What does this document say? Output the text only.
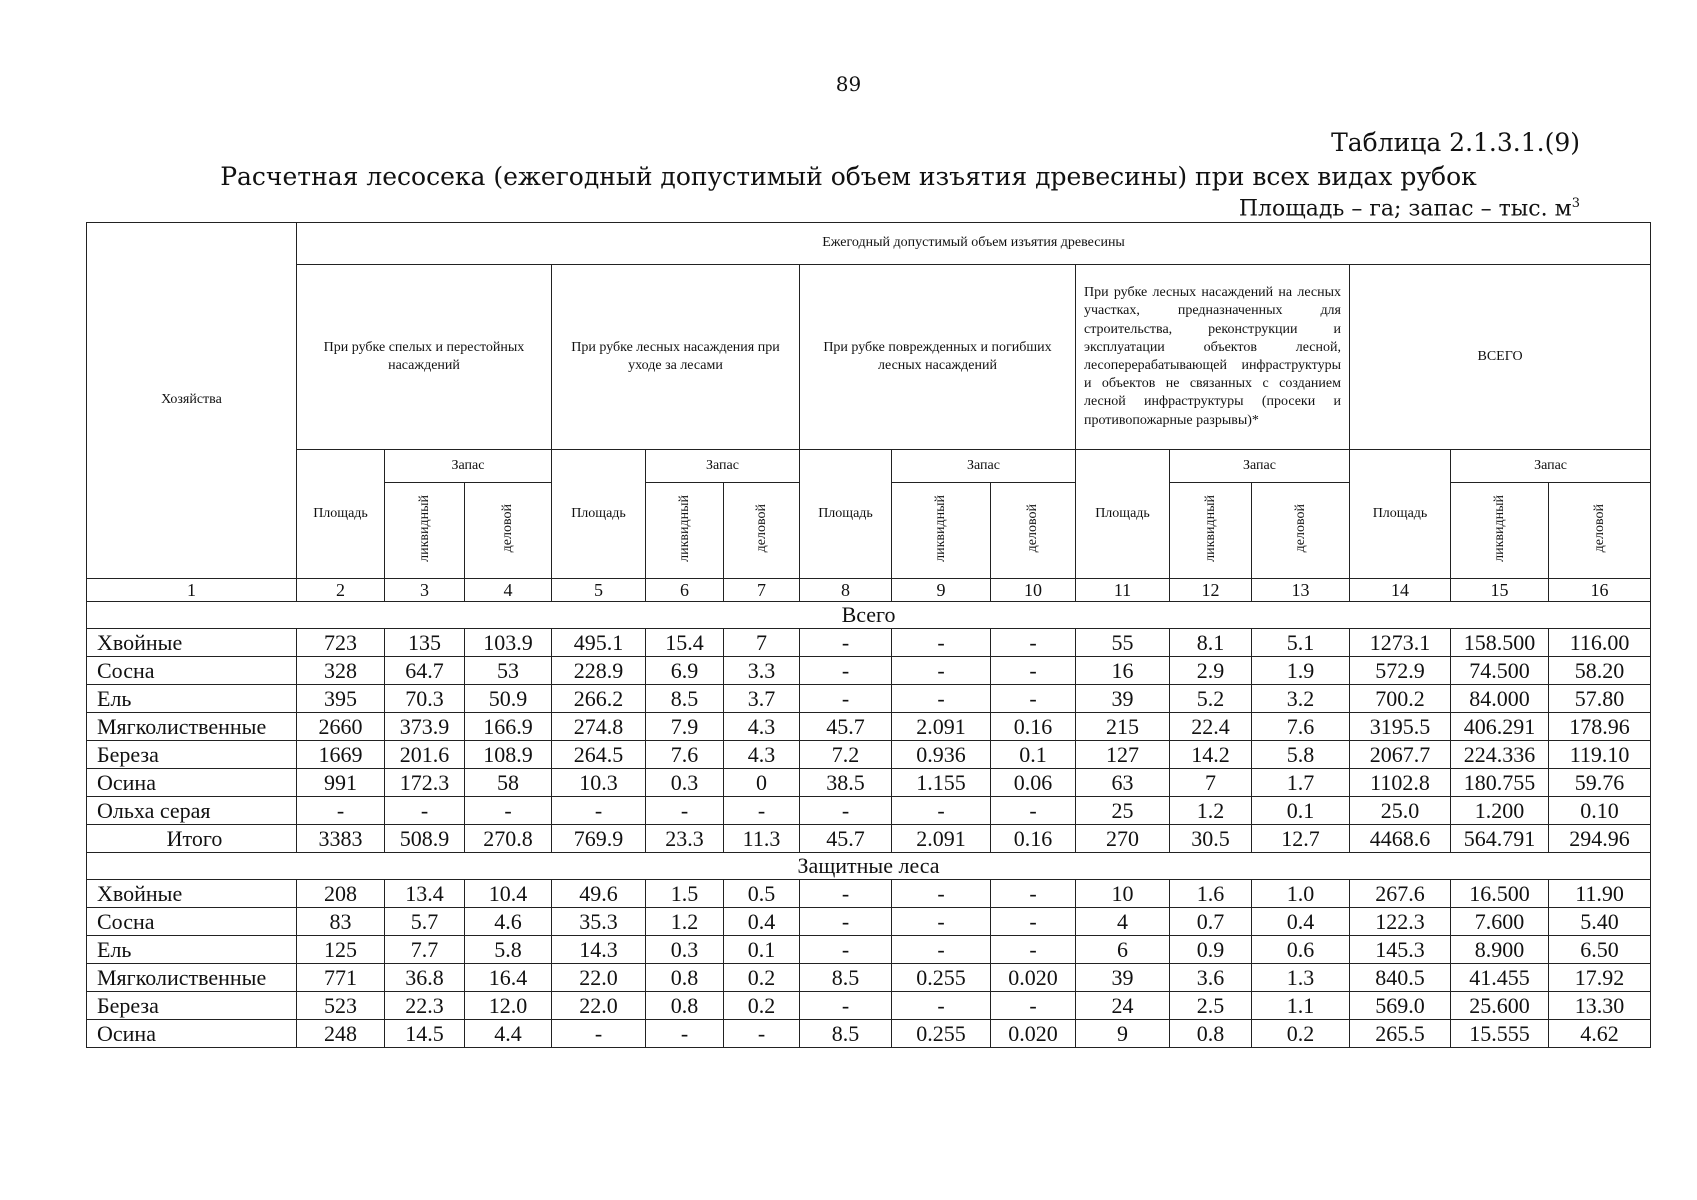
89
Таблица 2.1.3.1.(9)
Расчетная лесосека (ежегодный допустимый объем изъятия древесины) при всех видах рубок
Площадь – га; запас – тыс. $м^3$
Хозяйства	Ежегодный допустимый объем изъятия древесины														
	При рубке спелых и перестойных насаждений			При рубке лесных насаждения при уходе за лесами			При рубке поврежденных и погибших лесных насаждений			При рубке лесных насаждений на лесных участках, предназначенных для строительства, реконструкции и эксплуатации объектов лесной, лесоперерабатывающей инфраструктуры и объектов не связанных с созданием лесной инфраструктуры (просеки и противопожарные разрывы)*			ВСЕГО		
	Площадь	Запас		Площадь	Запас		Площадь	Запас		Площадь	Запас		Площадь	Запас	
		ликвидный	деловой		ликвидный	деловой		ликвидный	деловой		ликвидный	деловой		ликвидный	деловой
1	2	3	4	5	6	7	8	9	10	11	12	13	14	15	16
Всего															
Хвойные	723	135	103.9	495.1	15.4	7	-	-	-	55	8.1	5.1	1273.1	158.500	116.00
Сосна	328	64.7	53	228.9	6.9	3.3	-	-	-	16	2.9	1.9	572.9	74.500	58.20
Ель	395	70.3	50.9	266.2	8.5	3.7	-	-	-	39	5.2	3.2	700.2	84.000	57.80
Мягколиственные	2660	373.9	166.9	274.8	7.9	4.3	45.7	2.091	0.16	215	22.4	7.6	3195.5	406.291	178.96
Береза	1669	201.6	108.9	264.5	7.6	4.3	7.2	0.936	0.1	127	14.2	5.8	2067.7	224.336	119.10
Осина	991	172.3	58	10.3	0.3	0	38.5	1.155	0.06	63	7	1.7	1102.8	180.755	59.76
Ольха серая	-	-	-	-	-	-	-	-	-	25	1.2	0.1	25.0	1.200	0.10
Итого	3383	508.9	270.8	769.9	23.3	11.3	45.7	2.091	0.16	270	30.5	12.7	4468.6	564.791	294.96
Защитные леса															
Хвойные	208	13.4	10.4	49.6	1.5	0.5	-	-	-	10	1.6	1.0	267.6	16.500	11.90
Сосна	83	5.7	4.6	35.3	1.2	0.4	-	-	-	4	0.7	0.4	122.3	7.600	5.40
Ель	125	7.7	5.8	14.3	0.3	0.1	-	-	-	6	0.9	0.6	145.3	8.900	6.50
Мягколиственные	771	36.8	16.4	22.0	0.8	0.2	8.5	0.255	0.020	39	3.6	1.3	840.5	41.455	17.92
Береза	523	22.3	12.0	22.0	0.8	0.2	-	-	-	24	2.5	1.1	569.0	25.600	13.30
Осина	248	14.5	4.4	-	-	-	8.5	0.255	0.020	9	0.8	0.2	265.5	15.555	4.62
